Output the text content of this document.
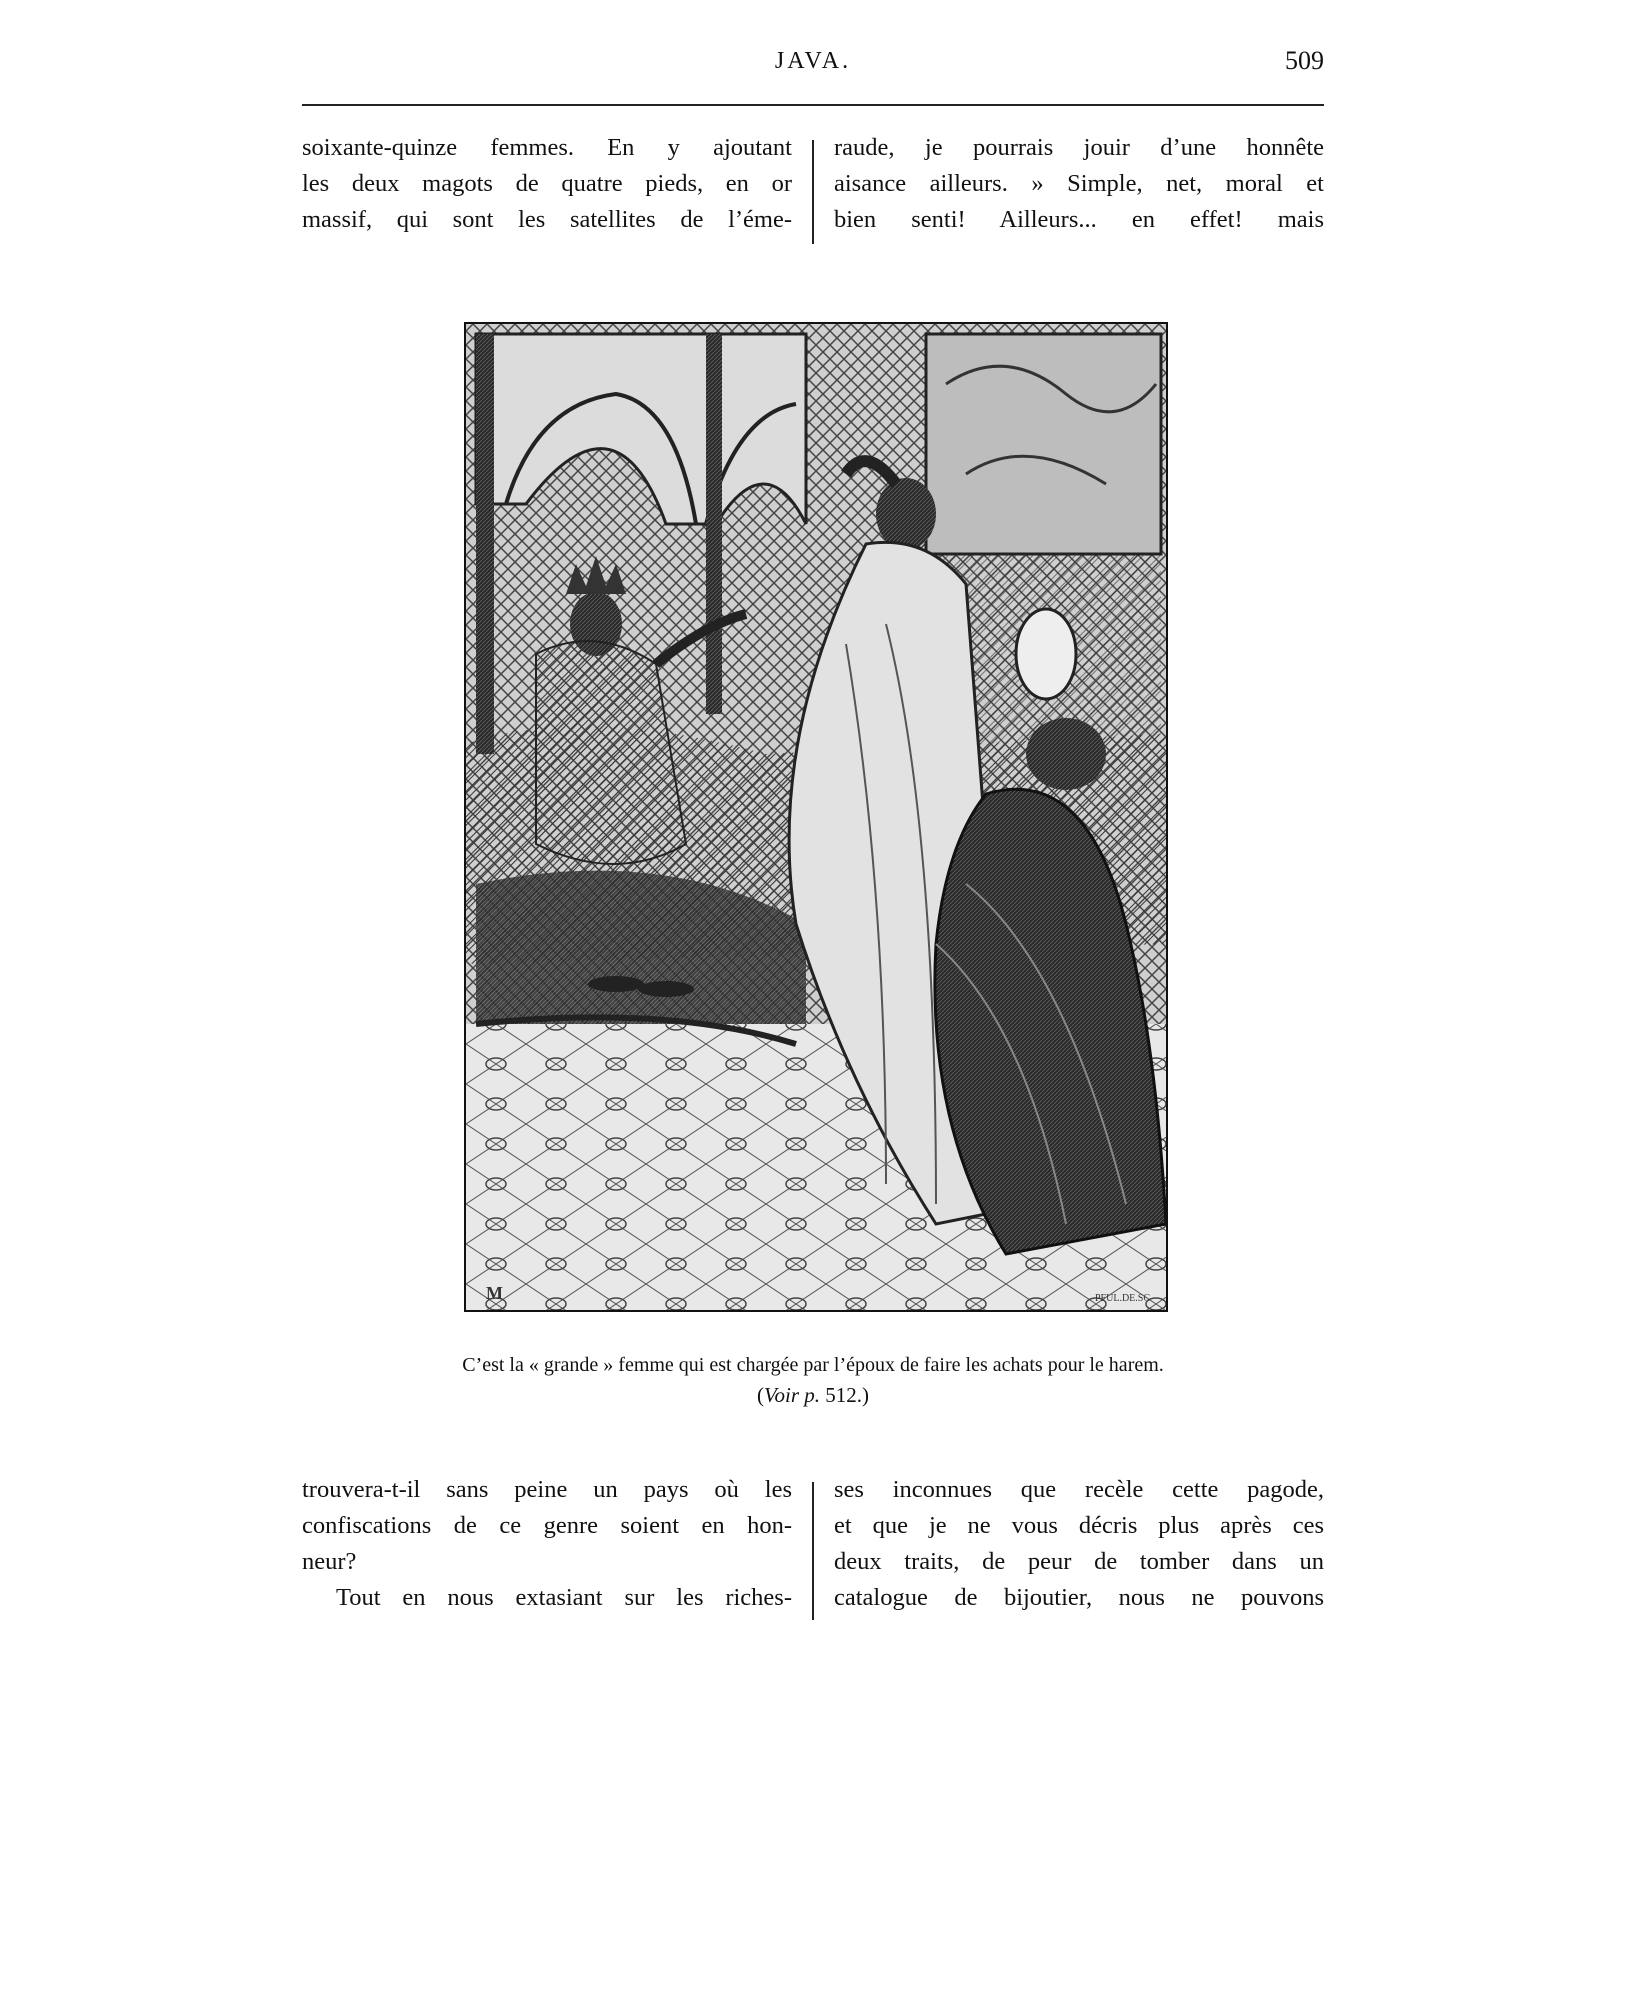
JAVA.	509
soixante-quinze femmes. En y ajoutant
les deux magots de quatre pieds, en or
massif, qui sont les satellites de l’éme-
raude, je pourrais jouir d’une honnête
aisance ailleurs. » Simple, net, moral et
bien senti! Ailleurs... en effet! mais
M	PFUL.DE.SC
C’est la « grande » femme qui est chargée par l’époux de faire les achats pour le harem.
(Voir p. 512.)
trouvera-t-il sans peine un pays où les
confiscations de ce genre soient en hon-
neur?
Tout en nous extasiant sur les riches-
ses inconnues que recèle cette pagode,
et que je ne vous décris plus après ces
deux traits, de peur de tomber dans un
catalogue de bijoutier, nous ne pouvons
